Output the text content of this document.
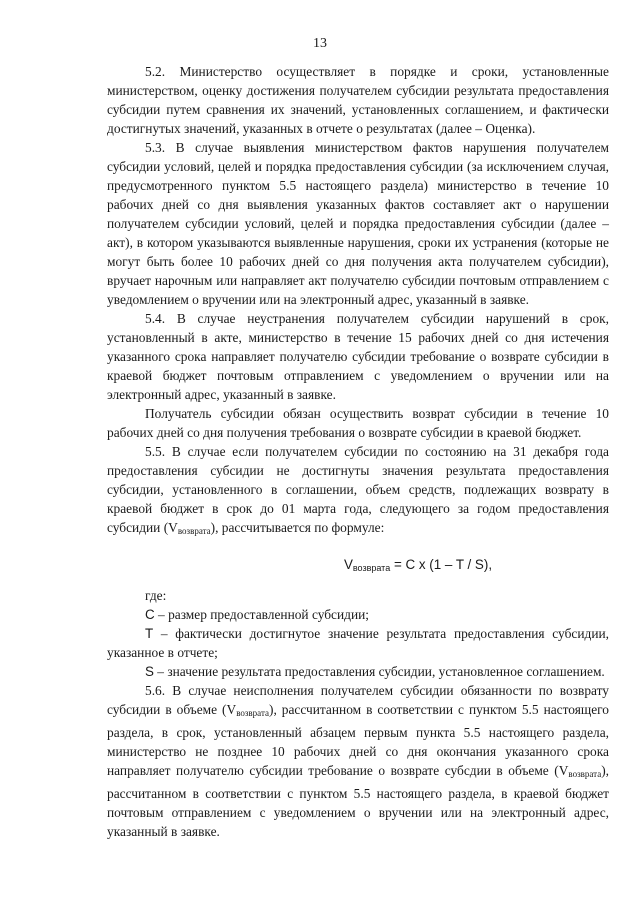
13

5.2. Министерство осуществляет в порядке и сроки, установленные министерством, оценку достижения получателем субсидии результата предоставления субсидии путем сравнения их значений, установленных соглашением, и фактически достигнутых значений, указанных в отчете о результатах (далее – Оценка).

5.3. В случае выявления министерством фактов нарушения получателем субсидии условий, целей и порядка предоставления субсидии (за исключением случая, предусмотренного пунктом 5.5 настоящего раздела) министерство в течение 10 рабочих дней со дня выявления указанных фактов составляет акт о нарушении получателем субсидии условий, целей и порядка предоставления субсидии (далее – акт), в котором указываются выявленные нарушения, сроки их устранения (которые не могут быть более 10 рабочих дней со дня получения акта получателем субсидии), вручает нарочным или направляет акт получателю субсидии почтовым отправлением с уведомлением о вручении или на электронный адрес, указанный в заявке.

5.4. В случае неустранения получателем субсидии нарушений в срок, установленный в акте, министерство в течение 15 рабочих дней со дня истечения указанного срока направляет получателю субсидии требование о возврате субсидии в краевой бюджет почтовым отправлением с уведомлением о вручении или на электронный адрес, указанный в заявке.

Получатель субсидии обязан осуществить возврат субсидии в течение 10 рабочих дней со дня получения требования о возврате субсидии в краевой бюджет.

5.5. В случае если получателем субсидии по состоянию на 31 декабря года предоставления субсидии не достигнуты значения результата предоставления субсидии, установленного в соглашении, объем средств, подлежащих возврату в краевой бюджет в срок до 01 марта года, следующего за годом предоставления субсидии $(V_{возврата})$, рассчитывается по формуле:

$V_{возврата} = C$ x (1 – T / S),

где:

C – размер предоставленной субсидии;

T – фактически достигнутое значение результата предоставления субсидии, указанное в отчете;

S – значение результата предоставления субсидии, установленное соглашением.

5.6. В случае неисполнения получателем субсидии обязанности по возврату субсидии в объеме $(V_{возврата})$, рассчитанном в соответствии с пунктом 5.5 настоящего раздела, в срок, установленный абзацем первым пункта 5.5 настоящего раздела, министерство не позднее 10 рабочих дней со дня окончания указанного срока направляет получателю субсидии требование о возврате субсдии в объеме $(V_{возврата})$, рассчитанном в соответствии с пунктом 5.5 настоящего раздела, в краевой бюджет почтовым отправлением с уведомлением о вручении или на электронный адрес, указанный в заявке.
